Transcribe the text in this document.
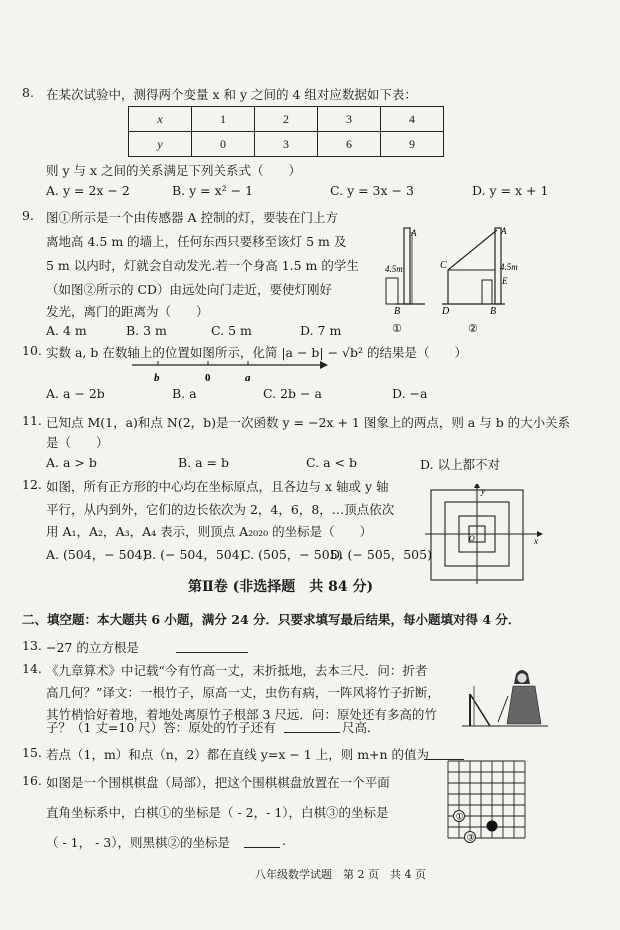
8. 在某次试验中，测得两个变量 x 和 y 之间的 4 组对应数据如下表：
x	1	2	3	4
y	0	3	6	9
则 y 与 x 之间的关系满足下列关系式（　　）
A. y = 2x − 2	B. y = x² − 1	C. y = 3x − 3	D. y = x + 1
9. 图①所示是一个由传感器 A 控制的灯，要装在门上方
离地高 4.5 m 的墙上，任何东西只要移至该灯 5 m 及
5 m 以内时，灯就会自动发光.若一个身高 1.5 m 的学生
（如图②所示的 CD）由远处向门走近，要使灯刚好
发光，离门的距离为（　　）
A. 4 m	B. 3 m	C. 5 m	D. 7 m
A
B
4.5m
①
A
C
D
E
B
4.5m
②
10. 实数 a, b 在数轴上的位置如图所示，化简 |a − b| − √b² 的结果是（　　）
b	0	a
A. a − 2b	B. a	C. 2b − a	D. −a
11. 已知点 M(1，a)和点 N(2，b)是一次函数 y = −2x + 1 图象上的两点，则 a 与 b 的大小关系
是（　　）
A. a > b	B. a = b	C. a < b	D. 以上都不对
12. 如图，所有正方形的中心均在坐标原点，且各边与 x 轴或 y 轴
平行，从内到外，它们的边长依次为 2，4，6，8，…顶点依次
用 A₁，A₂，A₃，A₄ 表示，则顶点 A₂₀₂₀ 的坐标是（　　）
A. (504，− 504)
B. (− 504，504)
C. (505，− 505)
D. (− 505，505)
x
y
O
第Ⅱ卷 (非选择题　共 84 分)
二、填空题：本大题共 6 小题，满分 24 分．只要求填写最后结果，每小题填对得 4 分．
13. −27 的立方根是
14. 《九章算术》中记载“今有竹高一丈，末折抵地，去本三尺．问：折者
高几何？”译文：一根竹子，原高一丈，虫伤有病，一阵风将竹子折断，
其竹梢恰好着地，着地处离原竹子根部 3 尺远．问：原处还有多高的竹
子？（1 丈=10 尺）答：原处的竹子还有	尺高．
15. 若点（1，m）和点（n，2）都在直线 y=x − 1 上，则 m+n 的值为
16. 如图是一个围棋棋盘（局部），把这个围棋棋盘放置在一个平面
直角坐标系中，白棋①的坐标是（ - 2，- 1），白棋③的坐标是
（ - 1， - 3），则黑棋②的坐标是	.
①
③
八年级数学试题　第 2 页　共 4 页
